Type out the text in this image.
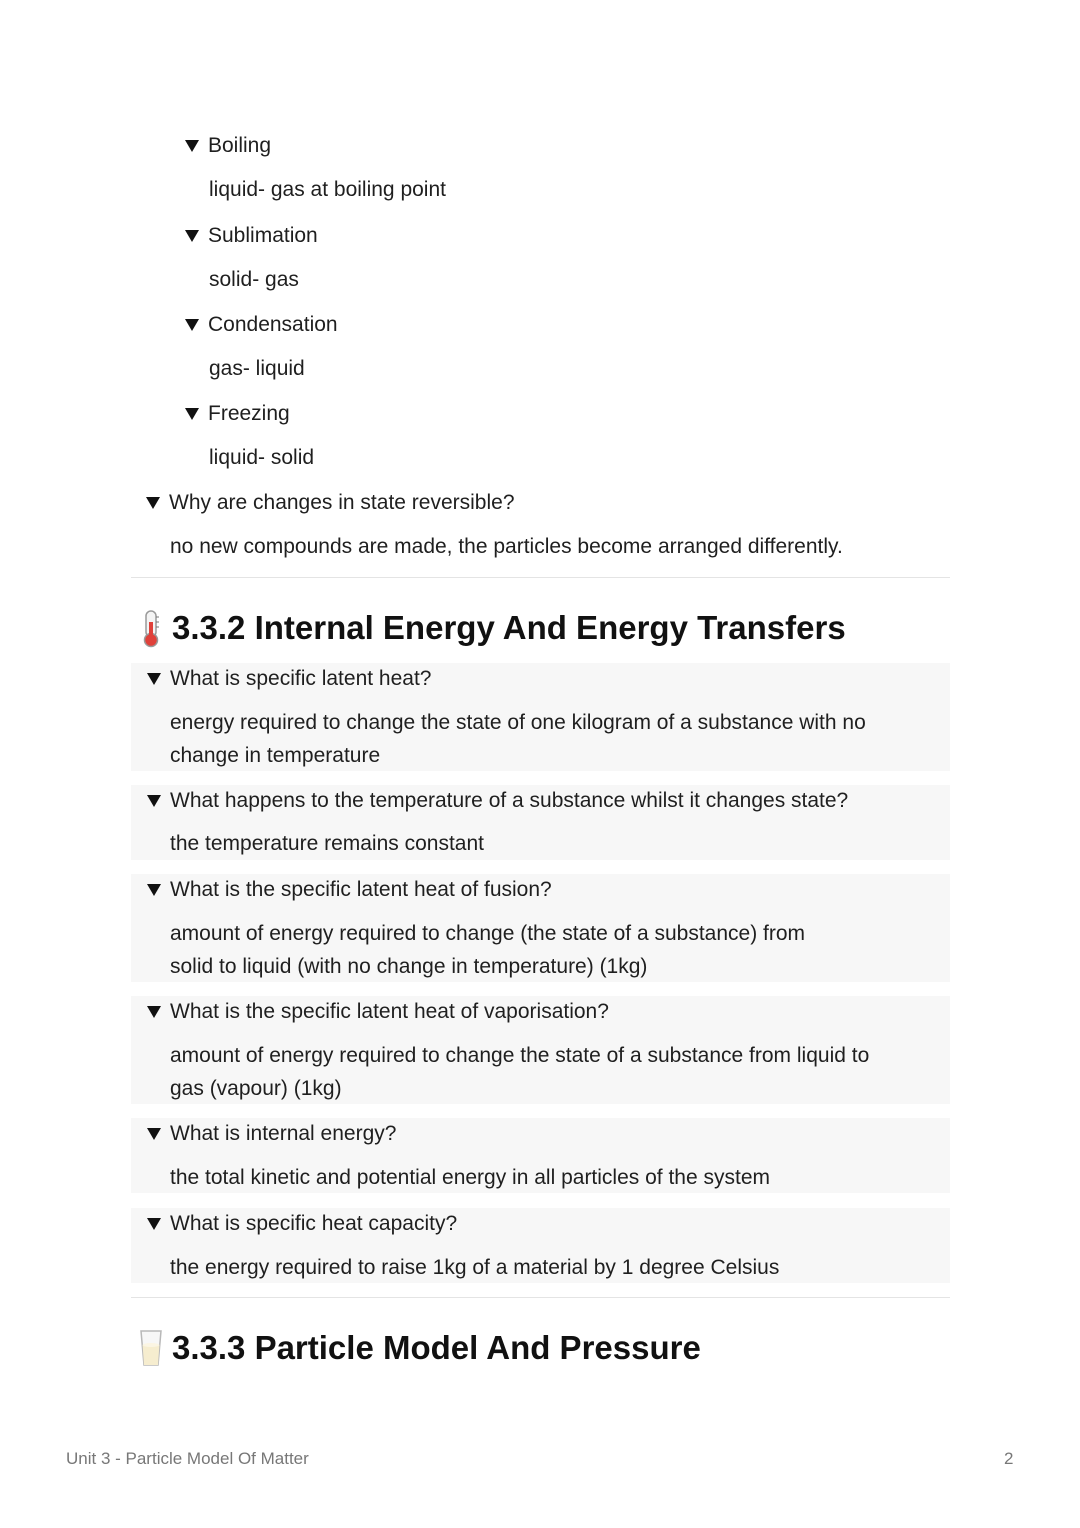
Boiling
liquid- gas at boiling point
Sublimation
solid- gas
Condensation
gas- liquid
Freezing
liquid- solid
Why are changes in state reversible?
no new compounds are made, the particles become arranged differently.
3.3.2 Internal Energy And Energy Transfers
What is specific latent heat?
energy required to change the state of one kilogram of a substance with no
change in temperature
What happens to the temperature of a substance whilst it changes state?
the temperature remains constant
What is the specific latent heat of fusion?
amount of energy required to change (the state of a substance) from
solid to liquid (with no change in temperature) (1kg)
What is the specific latent heat of vaporisation?
amount of energy required to change the state of a substance from liquid to
gas (vapour) (1kg)
What is internal energy?
the total kinetic and potential energy in all particles of the system
What is specific heat capacity?
the energy required to raise 1kg of a material by 1 degree Celsius
3.3.3 Particle Model And Pressure
Unit 3 - Particle Model Of Matter	2
